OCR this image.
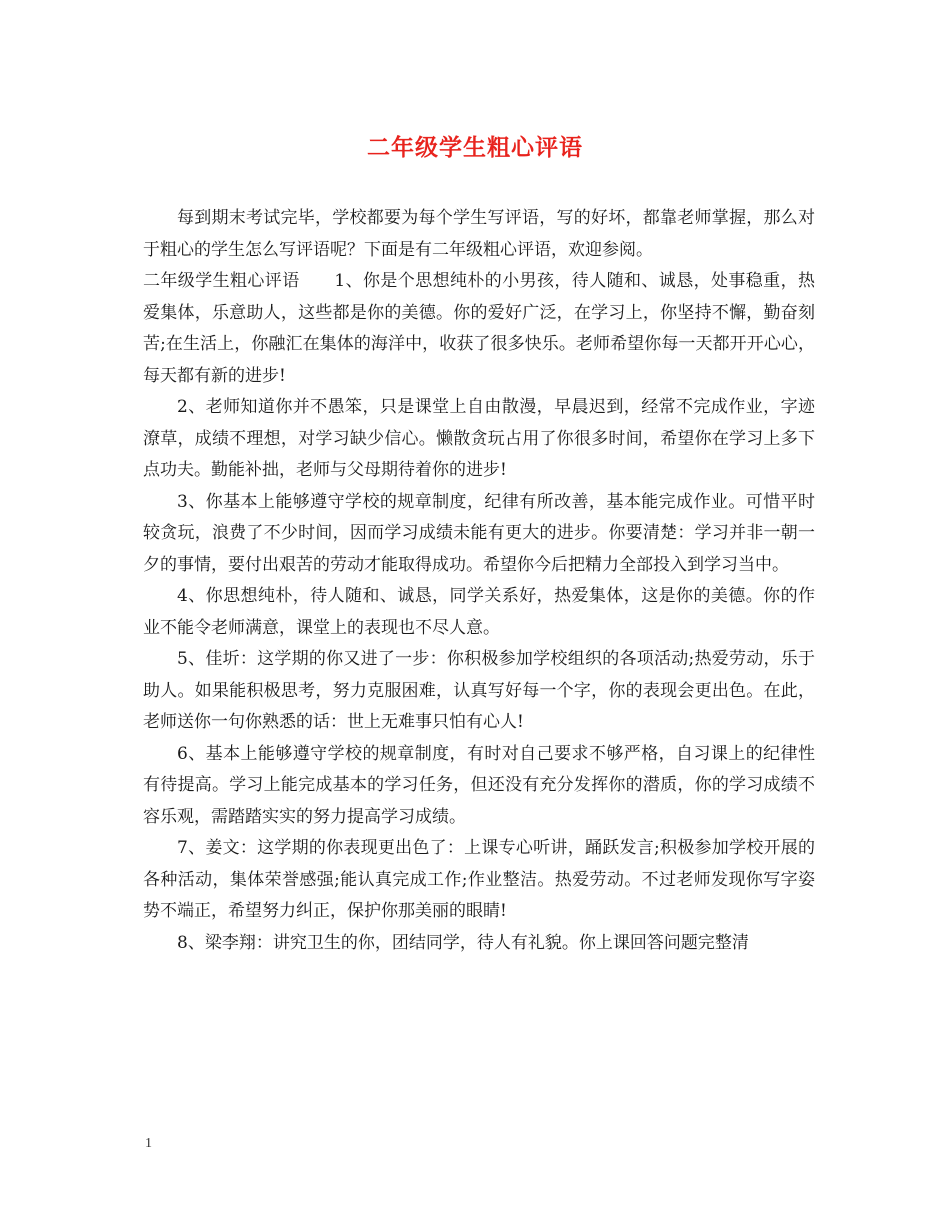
二年级学生粗心评语

每到期末考试完毕，学校都要为每个学生写评语，写的好坏，都靠老师掌握，那么对于粗心的学生怎么写评语呢？下面是有二年级粗心评语，欢迎参阅。

二年级学生粗心评语　　1、你是个思想纯朴的小男孩，待人随和、诚恳，处事稳重，热爱集体，乐意助人，这些都是你的美德。你的爱好广泛，在学习上，你坚持不懈，勤奋刻苦;在生活上，你融汇在集体的海洋中，收获了很多快乐。老师希望你每一天都开开心心，每天都有新的进步!

2、老师知道你并不愚笨，只是课堂上自由散漫，早晨迟到，经常不完成作业，字迹潦草，成绩不理想，对学习缺少信心。懒散贪玩占用了你很多时间，希望你在学习上多下点功夫。勤能补拙，老师与父母期待着你的进步!

3、你基本上能够遵守学校的规章制度，纪律有所改善，基本能完成作业。可惜平时较贪玩，浪费了不少时间，因而学习成绩未能有更大的进步。你要清楚：学习并非一朝一夕的事情，要付出艰苦的劳动才能取得成功。希望你今后把精力全部投入到学习当中。

4、你思想纯朴，待人随和、诚恳，同学关系好，热爱集体，这是你的美德。你的作业不能令老师满意，课堂上的表现也不尽人意。

5、佳圻：这学期的你又进了一步：你积极参加学校组织的各项活动;热爱劳动，乐于助人。如果能积极思考，努力克服困难，认真写好每一个字，你的表现会更出色。在此，老师送你一句你熟悉的话：世上无难事只怕有心人!

6、基本上能够遵守学校的规章制度，有时对自己要求不够严格，自习课上的纪律性有待提高。学习上能完成基本的学习任务，但还没有充分发挥你的潜质，你的学习成绩不容乐观，需踏踏实实的努力提高学习成绩。

7、姜文：这学期的你表现更出色了：上课专心听讲，踊跃发言;积极参加学校开展的各种活动，集体荣誉感强;能认真完成工作;作业整洁。热爱劳动。不过老师发现你写字姿势不端正，希望努力纠正，保护你那美丽的眼睛!

8、梁李翔：讲究卫生的你，团结同学，待人有礼貌。你上课回答问题完整清

1
